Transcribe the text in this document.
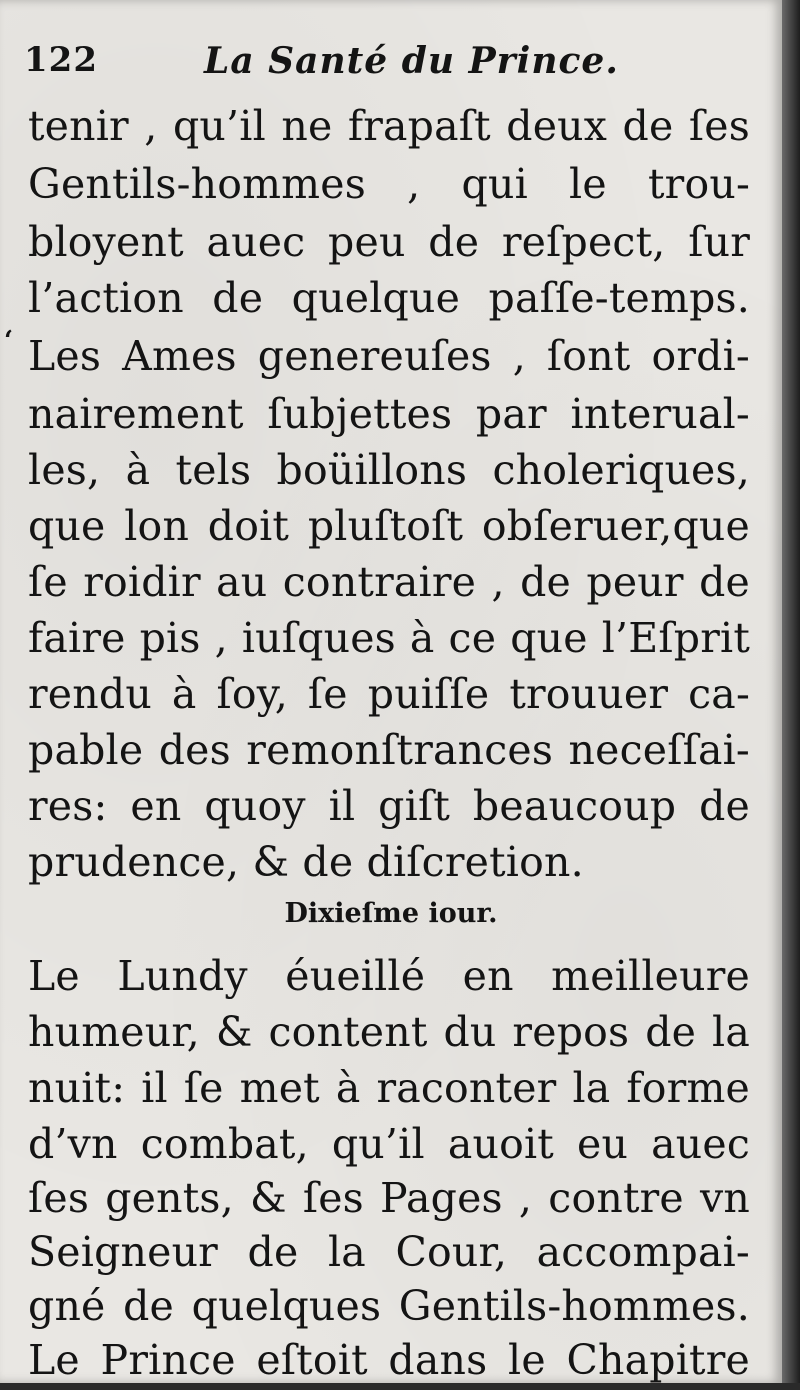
122	La Santé du Prince.
‘
tenir , qu’il ne frapaſt deux de ſes
Gentils-hommes , qui le trou-
bloyent auec peu de reſpect, ſur
l’action de quelque paſſe-temps.
Les Ames genereuſes , ſont ordi-
nairement ſubjettes par interual-
les, à tels boüillons choleriques,
que lon doit pluſtoſt obſeruer,que
ſe roidir au contraire , de peur de
faire pis , iuſques à ce que l’Eſprit
rendu à ſoy, ſe puiſſe trouuer ca-
pable des remonſtrances neceſſai-
res: en quoy il giſt beaucoup de
prudence, & de diſcretion.
Dixieſme iour.
Le Lundy éueillé en meilleure
humeur, & content du repos de la
nuit: il ſe met à raconter la forme
d’vn combat, qu’il auoit eu auec
ſes gents, & ſes Pages , contre vn
Seigneur de la Cour, accompai-
gné de quelques Gentils-hommes.
Le Prince eſtoit dans le Chapitre
